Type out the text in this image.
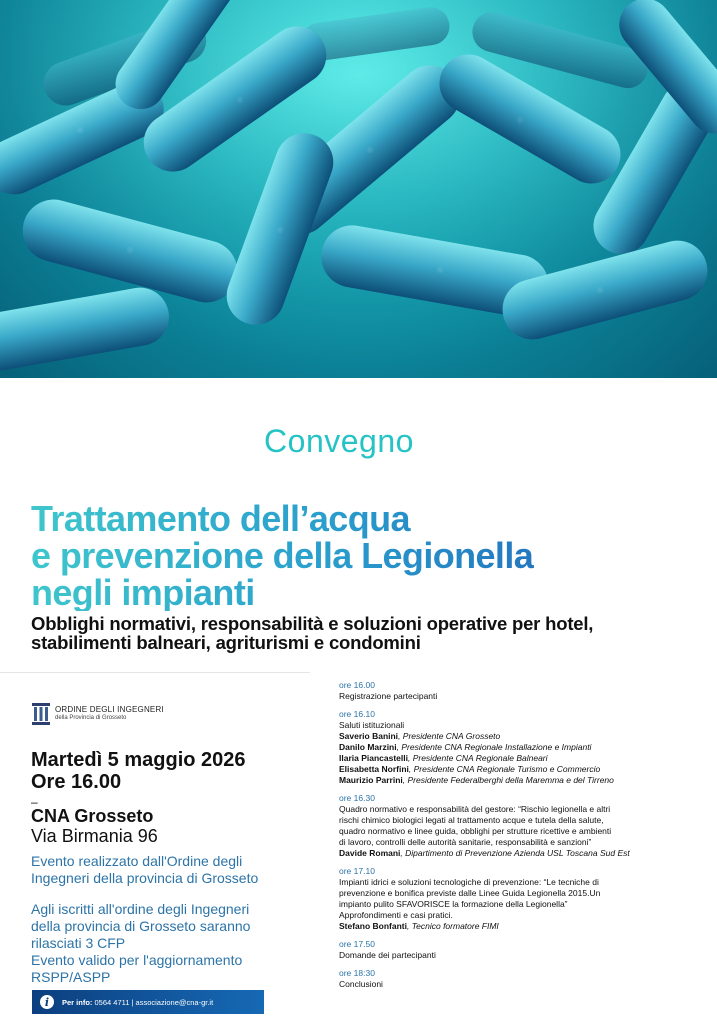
Convegno
Trattamento dell’acqua
e prevenzione della Legionella
negli impianti
Obblighi normativi, responsabilità e soluzioni operative per hotel,
stabilimenti balneari, agriturismi e condomini
ORDINE DEGLI INGEGNERI
della Provincia di Grosseto
Martedì 5 maggio 2026
Ore 16.00
–
CNA Grosseto
Via Birmania 96
Evento realizzato dall'Ordine degli
Ingegneri della provincia di Grosseto
Agli iscritti all'ordine degli Ingegneri
della provincia di Grosseto saranno
rilasciati 3 CFP
Evento valido per l'aggiornamento
RSPP/ASPP
i	Per info: 0564 4711 | associazione@cna-gr.it
ore 16.00
Registrazione partecipanti
ore 16.10
Saluti istituzionali
Saverio Banini, Presidente CNA Grosseto
Danilo Marzini, Presidente CNA Regionale Installazione e Impianti
Ilaria Piancastelli, Presidente CNA Regionale Balneari
Elisabetta Norfini, Presidente CNA Regionale Turismo e Commercio
Maurizio Parrini, Presidente Federalberghi della Maremma e del Tirreno
ore 16.30
Quadro normativo e responsabilità del gestore: “Rischio legionella e altri
rischi chimico biologici legati al trattamento acque e tutela della salute,
quadro normativo e linee guida, obblighi per strutture ricettive e ambienti
di lavoro, controlli delle autorità sanitarie, responsabilità e sanzioni”
Davide Romani, Dipartimento di Prevenzione Azienda USL Toscana Sud Est
ore 17.10
Impianti idrici e soluzioni tecnologiche di prevenzione: “Le tecniche di
prevenzione e bonifica previste dalle Linee Guida Legionella 2015.Un
impianto pulito SFAVORISCE la formazione della Legionella”
Approfondimenti e casi pratici.
Stefano Bonfanti, Tecnico formatore FIMI
ore 17.50
Domande dei partecipanti
ore 18:30
Conclusioni
